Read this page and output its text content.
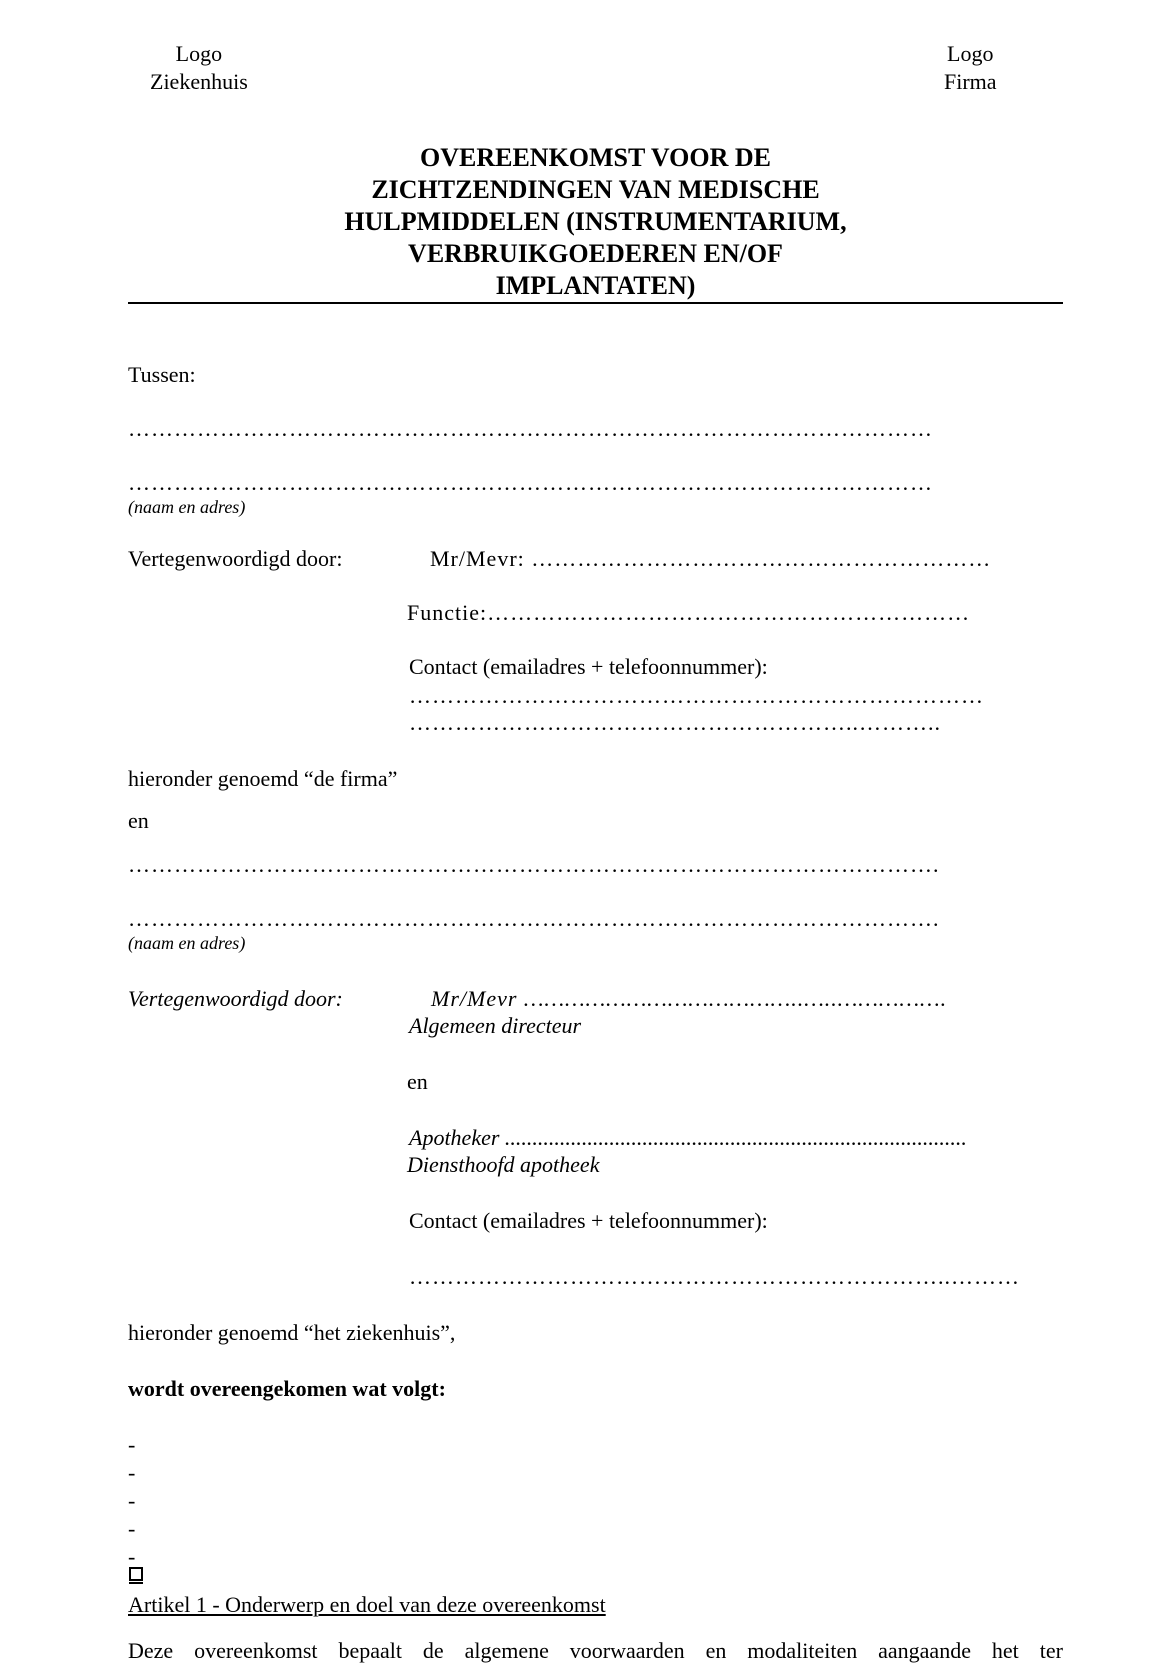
Logo
Ziekenhuis
Logo
Firma
OVEREENKOMST VOOR DE
ZICHTZENDINGEN VAN MEDISCHE
HULPMIDDELEN (INSTRUMENTARIUM,
VERBRUIKGOEDEREN EN/OF
IMPLANTATEN)
Tussen:
……………………………………………………………………………………………
……………………………………………………………………………………………
(naam en adres)
Vertegenwoordigd door:	Mr/Mevr: ……………………………………………………
Functie:………………………………………………………
Contact (emailadres + telefoonnummer):
…………………………………………………………………
…………………………………………………..………..
hieronder genoemd “de firma”
en
…………………………………………………………………………………………….
…………………………………………………………………………………………….
(naam en adres)
Vertegenwoordigd door:	Mr/Mevr …………………………………..…..…………….
Algemeen directeur
en
Apotheker ....................................................................................
Diensthoofd apotheek
Contact (emailadres + telefoonnummer):
……………………………………………………………..………
hieronder genoemd “het ziekenhuis”,
wordt overeengekomen wat volgt:
-
-
-
-
-
Artikel 1 - Onderwerp en doel van deze overeenkomst
Deze overeenkomst bepaalt de algemene voorwaarden en modaliteiten aangaande het ter
